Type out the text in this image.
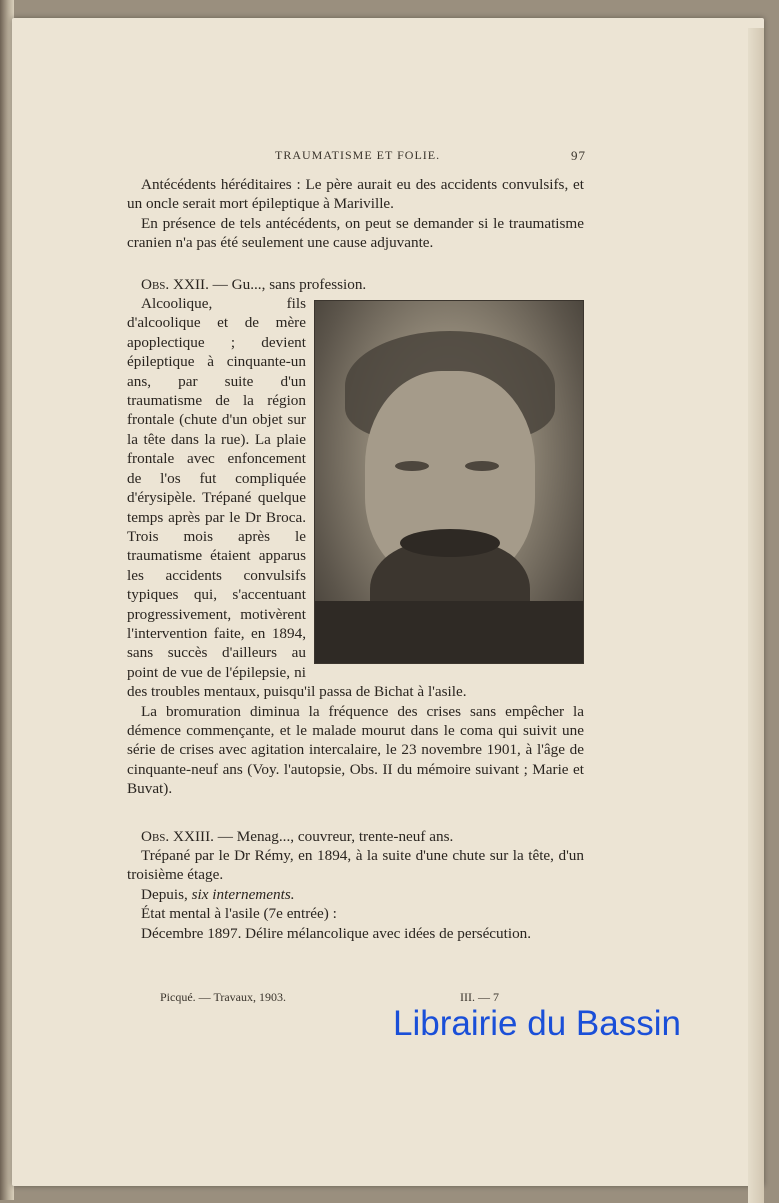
TRAUMATISME ET FOLIE.	97

Antécédents héréditaires : Le père aurait eu des accidents convulsifs, et un oncle serait mort épileptique à Mariville.

En présence de tels antécédents, on peut se demander si le traumatisme cranien n'a pas été seulement une cause adjuvante.

Obs. XXII. — Gu..., sans profession.

Alcoolique, fils d'alcoolique et de mère apoplectique ; devient épileptique à cinquante-un ans, par suite d'un traumatisme de la région frontale (chute d'un objet sur la tête dans la rue). La plaie frontale avec enfoncement de l'os fut compliquée d'érysipèle. Trépané quelque temps après par le Dr Broca. Trois mois après le traumatisme étaient apparus les accidents convulsifs typiques qui, s'accentuant progressivement, motivèrent l'intervention faite, en 1894, sans succès d'ailleurs au point de vue de l'épilepsie, ni des troubles mentaux, puisqu'il passa de Bichat à l'asile.

La bromuration diminua la fréquence des crises sans empêcher la démence commençante, et le malade mourut dans le coma qui suivit une série de crises avec agitation intercalaire, le 23 novembre 1901, à l'âge de cinquante-neuf ans (Voy. l'autopsie, Obs. II du mémoire suivant ; Marie et Buvat).

Obs. XXIII. — Menag..., couvreur, trente-neuf ans.

Trépané par le Dr Rémy, en 1894, à la suite d'une chute sur la tête, d'un troisième étage.

Depuis, six internements.

État mental à l'asile (7e entrée) :

Décembre 1897. Délire mélancolique avec idées de persécution.

Picqué. — Travaux, 1903.	III. — 7
Librairie du Bassin
